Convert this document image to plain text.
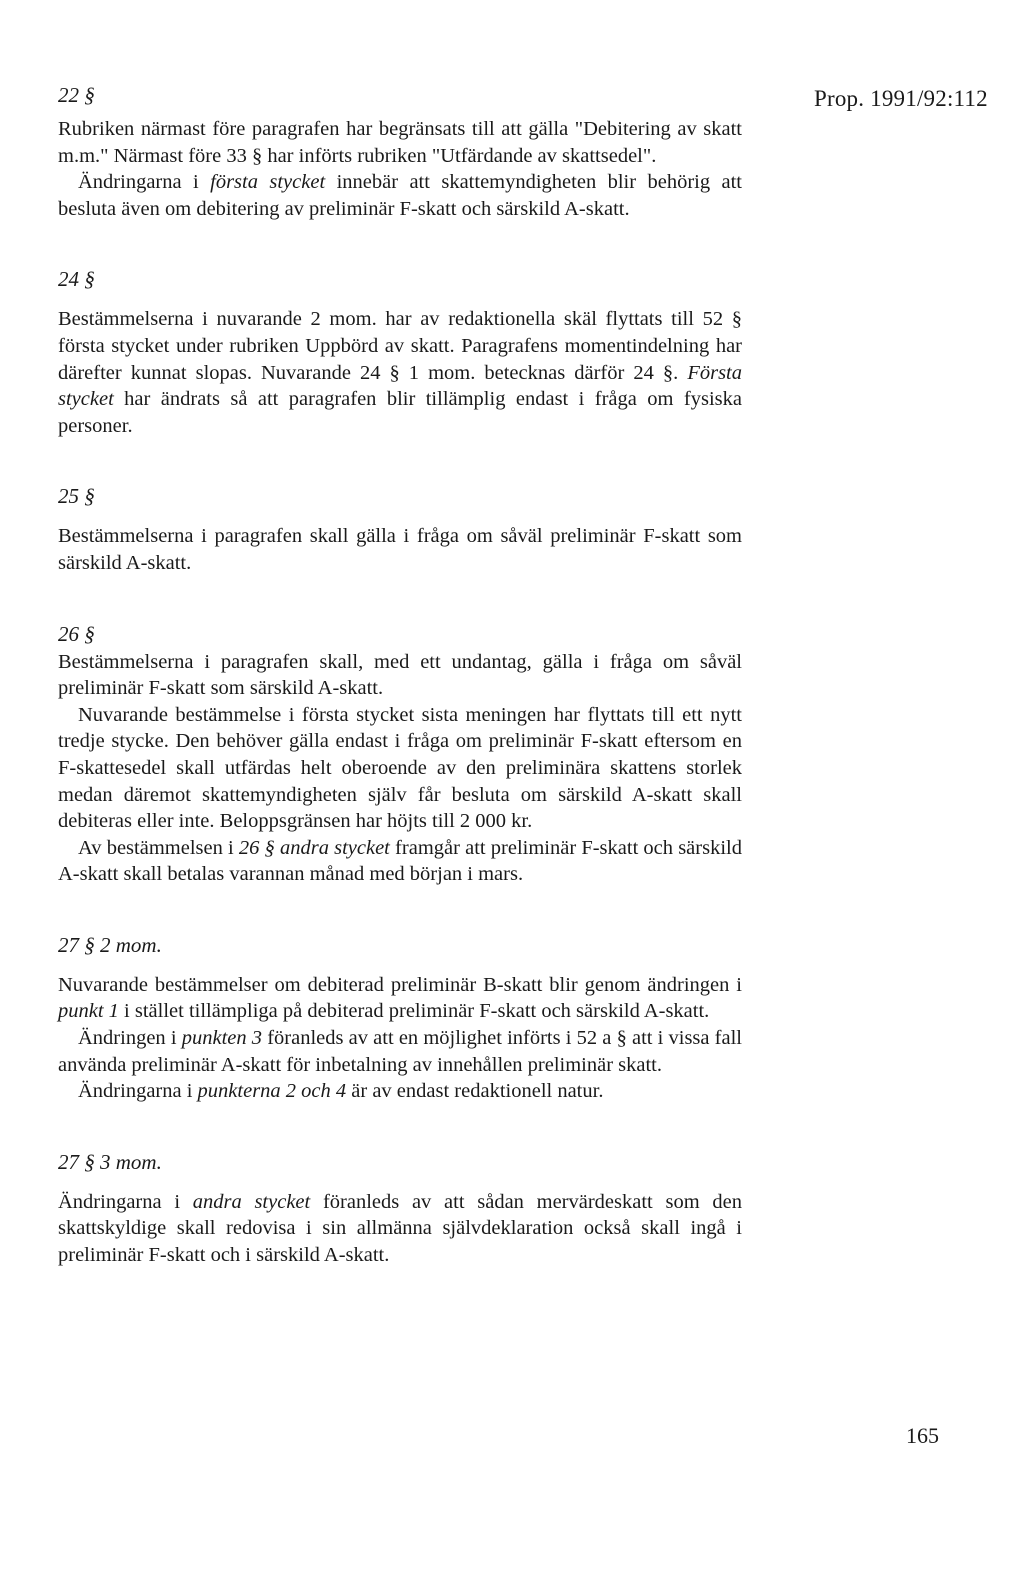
Prop. 1991/92:112
22 §

Rubriken närmast före paragrafen har begränsats till att gälla "Debitering av skatt m.m." Närmast före 33 § har införts rubriken "Utfärdande av skattsedel".

Ändringarna i första stycket innebär att skattemyndigheten blir behörig att besluta även om debitering av preliminär F-skatt och särskild A-skatt.

24 §

Bestämmelserna i nuvarande 2 mom. har av redaktionella skäl flyttats till 52 § första stycket under rubriken Uppbörd av skatt. Paragrafens momentindelning har därefter kunnat slopas. Nuvarande 24 § 1 mom. betecknas därför 24 §. Första stycket har ändrats så att paragrafen blir tillämplig endast i fråga om fysiska personer.

25 §

Bestämmelserna i paragrafen skall gälla i fråga om såväl preliminär F-skatt som särskild A-skatt.

26 §

Bestämmelserna i paragrafen skall, med ett undantag, gälla i fråga om såväl preliminär F-skatt som särskild A-skatt.

Nuvarande bestämmelse i första stycket sista meningen har flyttats till ett nytt tredje stycke. Den behöver gälla endast i fråga om preliminär F-skatt eftersom en F-skattesedel skall utfärdas helt oberoende av den preliminära skattens storlek medan däremot skattemyndigheten själv får besluta om särskild A-skatt skall debiteras eller inte. Beloppsgränsen har höjts till 2 000 kr.

Av bestämmelsen i 26 § andra stycket framgår att preliminär F-skatt och särskild A-skatt skall betalas varannan månad med början i mars.

27 § 2 mom.

Nuvarande bestämmelser om debiterad preliminär B-skatt blir genom ändringen i punkt 1 i stället tillämpliga på debiterad preliminär F-skatt och särskild A-skatt.

Ändringen i punkten 3 föranleds av att en möjlighet införts i 52 a § att i vissa fall använda preliminär A-skatt för inbetalning av innehållen preliminär skatt.

Ändringarna i punkterna 2 och 4 är av endast redaktionell natur.

27 § 3 mom.

Ändringarna i andra stycket föranleds av att sådan mervärdeskatt som den skattskyldige skall redovisa i sin allmänna självdeklaration också skall ingå i preliminär F-skatt och i särskild A-skatt.

165
